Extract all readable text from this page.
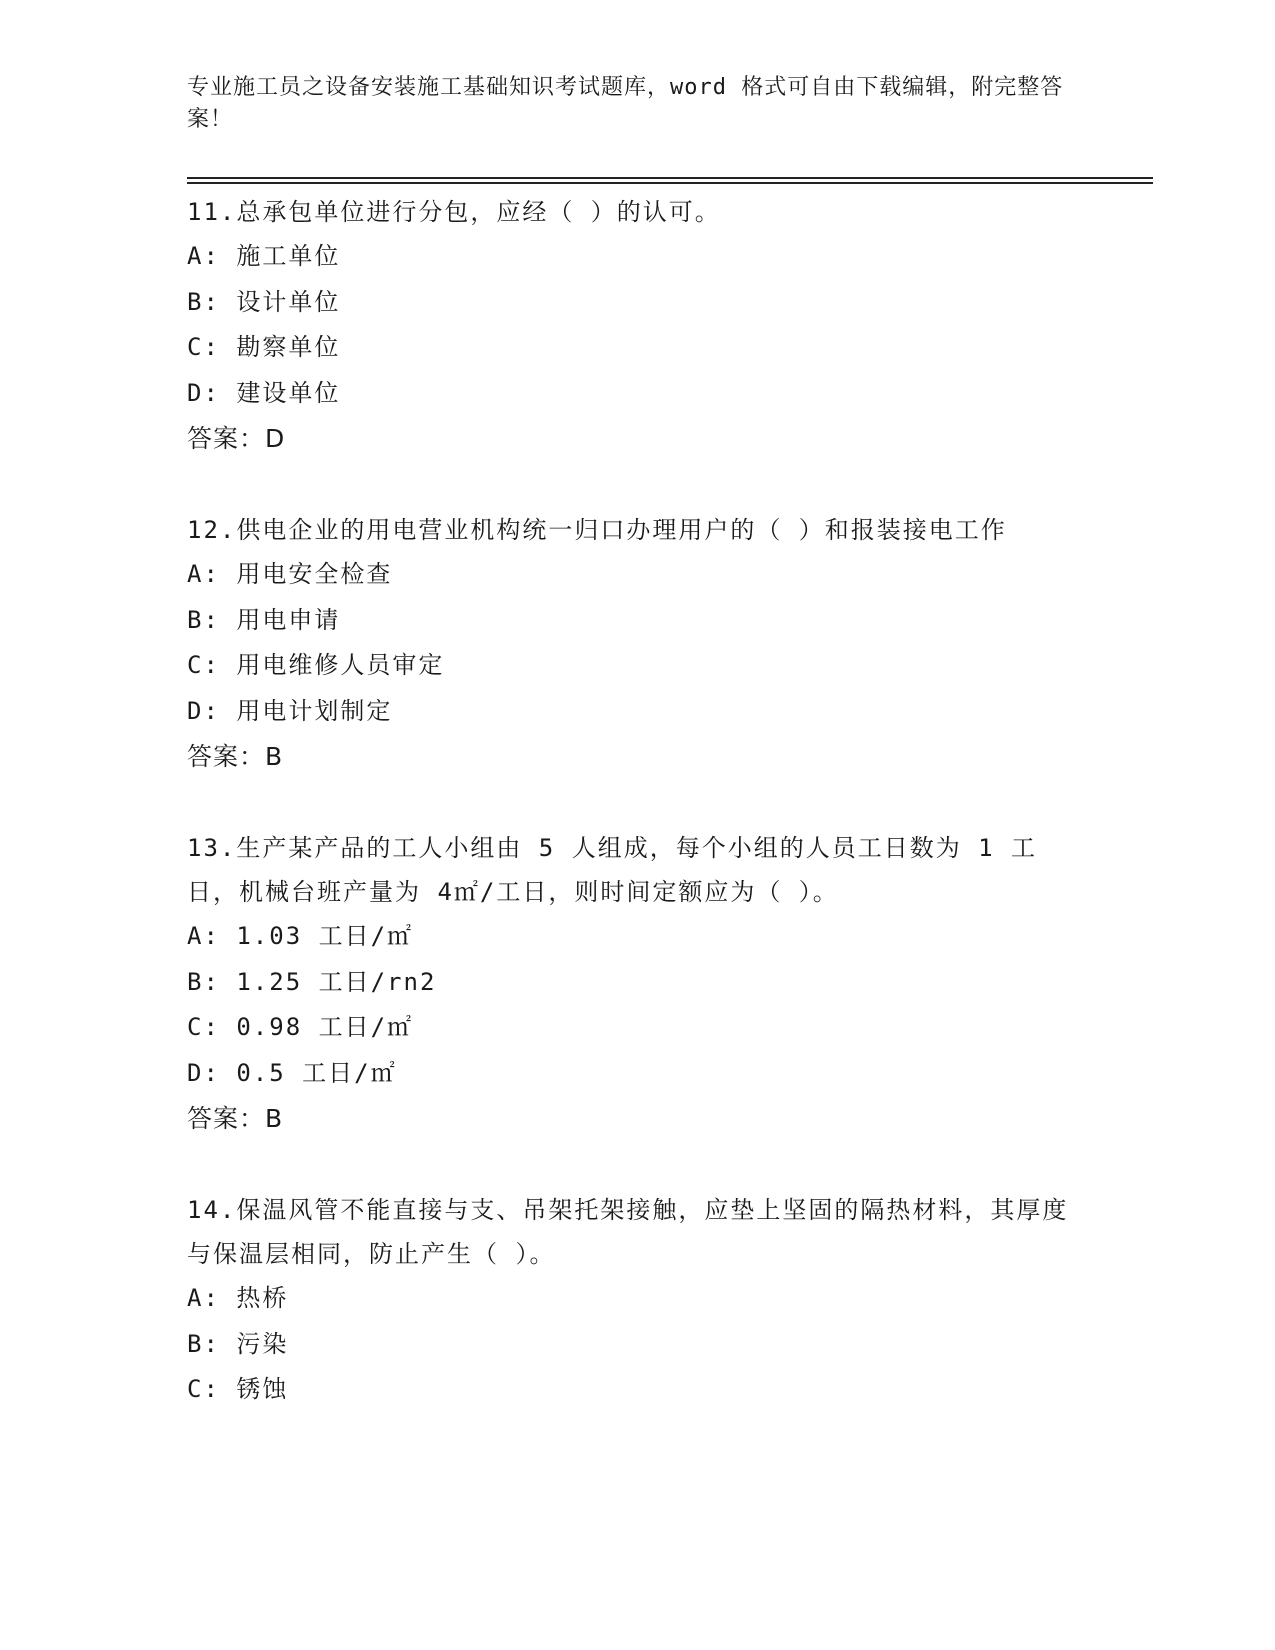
专业施工员之设备安装施工基础知识考试题库，word 格式可自由下载编辑，附完整答案！
11.总承包单位进行分包，应经（ ）的认可。
A: 施工单位
B: 设计单位
C: 勘察单位
D: 建设单位
答案：D
12.供电企业的用电营业机构统一归口办理用户的（ ）和报装接电工作
A: 用电安全检查
B: 用电申请
C: 用电维修人员审定
D: 用电计划制定
答案：B
13.生产某产品的工人小组由 5 人组成，每个小组的人员工日数为 1 工日，机械台班产量为 4㎡/工日，则时间定额应为（ ）。
A: 1.03 工日/㎡
B: 1.25 工日/rn2
C: 0.98 工日/㎡
D: 0.5 工日/㎡
答案：B
14.保温风管不能直接与支、吊架托架接触，应垫上坚固的隔热材料，其厚度与保温层相同，防止产生（ ）。
A: 热桥
B: 污染
C: 锈蚀
